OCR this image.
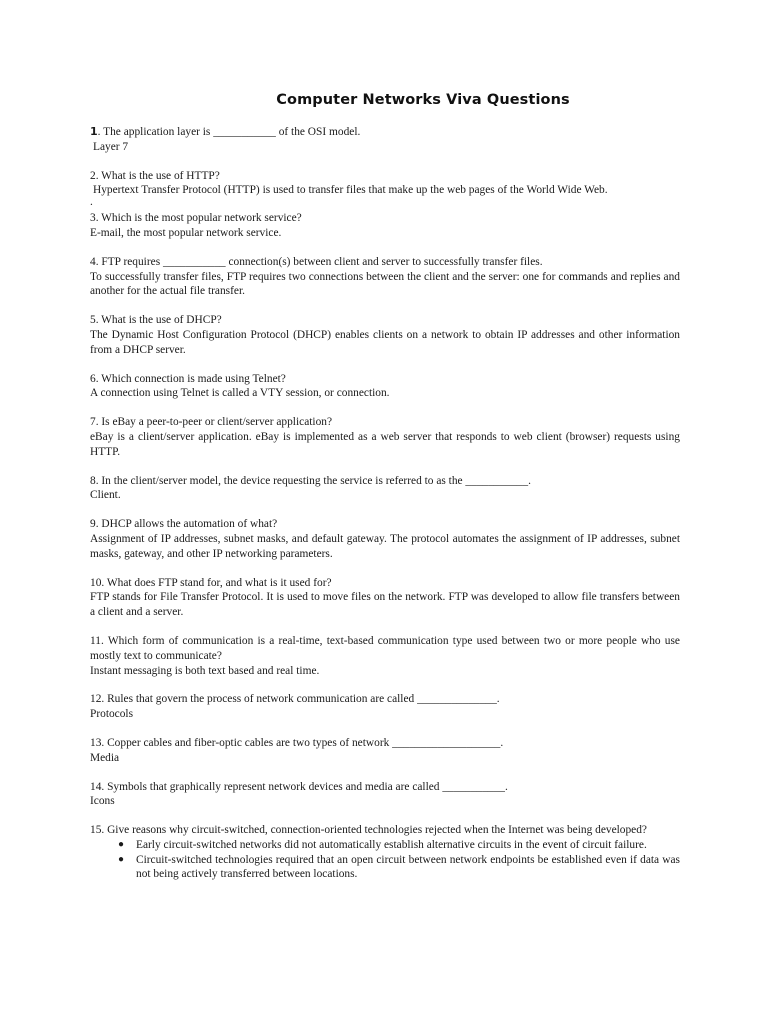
Computer Networks Viva Questions

1. The application layer is ___________ of the OSI model.

Layer 7

2. What is the use of HTTP?

Hypertext Transfer Protocol (HTTP) is used to transfer files that make up the web pages of the World Wide Web.

.

3. Which is the most popular network service?

E-mail, the most popular network service.

4. FTP requires ___________ connection(s) between client and server to successfully transfer files.

To successfully transfer files, FTP requires two connections between the client and the server: one for commands and replies and another for the actual file transfer.

5. What is the use of DHCP?

The Dynamic Host Configuration Protocol (DHCP) enables clients on a network to obtain IP addresses and other information from a DHCP server.

6. Which connection is made using Telnet?

A connection using Telnet is called a VTY session, or connection.

7. Is eBay a peer-to-peer or client/server application?

eBay is a client/server application. eBay is implemented as a web server that responds to web client (browser) requests using HTTP.

8. In the client/server model, the device requesting the service is referred to as the ___________.

Client.

9. DHCP allows the automation of what?

Assignment of IP addresses, subnet masks, and default gateway. The protocol automates the assignment of IP addresses, subnet masks, gateway, and other IP networking parameters.

10. What does FTP stand for, and what is it used for?

FTP stands for File Transfer Protocol. It is used to move files on the network. FTP was developed to allow file transfers between a client and a server.

11. Which form of communication is a real-time, text-based communication type used between two or more people who use mostly text to communicate?

Instant messaging is both text based and real time.

12. Rules that govern the process of network communication are called ______________.

Protocols

13. Copper cables and fiber-optic cables are two types of network ___________________.

Media

14. Symbols that graphically represent network devices and media are called ___________.

Icons

15. Give reasons why circuit-switched, connection-oriented technologies rejected when the Internet was being developed?

● Early circuit-switched networks did not automatically establish alternative circuits in the event of circuit failure.
● Circuit-switched technologies required that an open circuit between network endpoints be established even if data was not being actively transferred between locations.
